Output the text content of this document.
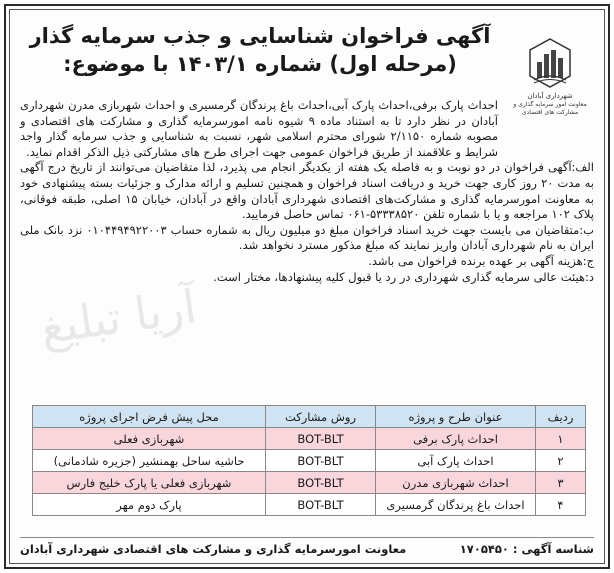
شهرداری آبادان
معاونت امور سرمایه گذاری و مشارکت های اقتصادی
آگهی فراخوان شناسایی و جذب سرمایه گذار
(مرحله اول) شماره ۱۴۰۳/۱ با موضوع:
آریا تبلیغ

احداث پارک برفی،احداث پارک آبی،احداث باغ پرندگان گرمسیری و احداث شهربازی مدرن شهرداری آبادان در نظر دارد تا به استناد ماده ۹ شیوه نامه امورسرمایه گذاری و مشارکت های اقتصادی و مصوبه شماره ۲/۱۱۵۰ شورای محترم اسلامی شهر، نسبت به شناسایی و جذب سرمایه گذار واجد شرایط و علاقمند از طریق فراخوان عمومی جهت اجرای طرح های مشارکتی ذیل الذکر اقدام نماید.

الف:آگهی فراخوان در دو نوبت و به فاصله یک هفته از یکدیگر انجام می پذیرد، لذا متقاضیان می‌توانند از تاریخ درج آگهی به مدت ۲۰ روز کاری جهت خرید و دریافت اسناد فراخوان و همچنین تسلیم و ارائه مدارک و جزئیات بسته پیشنهادی خود به معاونت امورسرمایه گذاری و مشارکت‌های اقتصادی شهرداری آبادان واقع در آبادان، خیابان ۱۵ اصلی، طبقه فوقانی، پلاک ۱۰۲ مراجعه و یا با شماره تلفن ۵۳۳۳۸۵۲۰-۰۶۱ تماس حاصل فرمایید.

ب:متقاضیان می بایست جهت خرید اسناد فراخوان مبلغ دو میلیون ریال به شماره حساب ۰۱۰۴۴۹۴۹۲۲۰۰۳ نزد بانک ملی ایران به نام شهرداری آبادان واریز نمایند که مبلغ مذکور مسترد نخواهد شد.

ج:هزینه آگهی بر عهده برنده فراخوان می باشد.

د:هیئت عالی سرمایه گذاری شهرداری در رد یا قبول کلیه پیشنهادها، مختار است.

ردیف	عنوان طرح و پروژه	روش مشارکت	محل پیش فرض اجرای پروژه
۱	احداث پارک برفی	BOT-BLT	شهربازی فعلی
۲	احداث پارک آبی	BOT-BLT	حاشیه ساحل بهمنشیر (جزیره شادمانی)
۳	احداث شهربازی مدرن	BOT-BLT	شهربازی فعلی یا پارک خلیج فارس
۴	احداث باغ پرندگان گرمسیری	BOT-BLT	پارک دوم مهر
شناسه آگهی : ۱۷۰۵۴۵۰
معاونت امورسرمایه گذاری و مشارکت های اقتصادی شهرداری آبادان
